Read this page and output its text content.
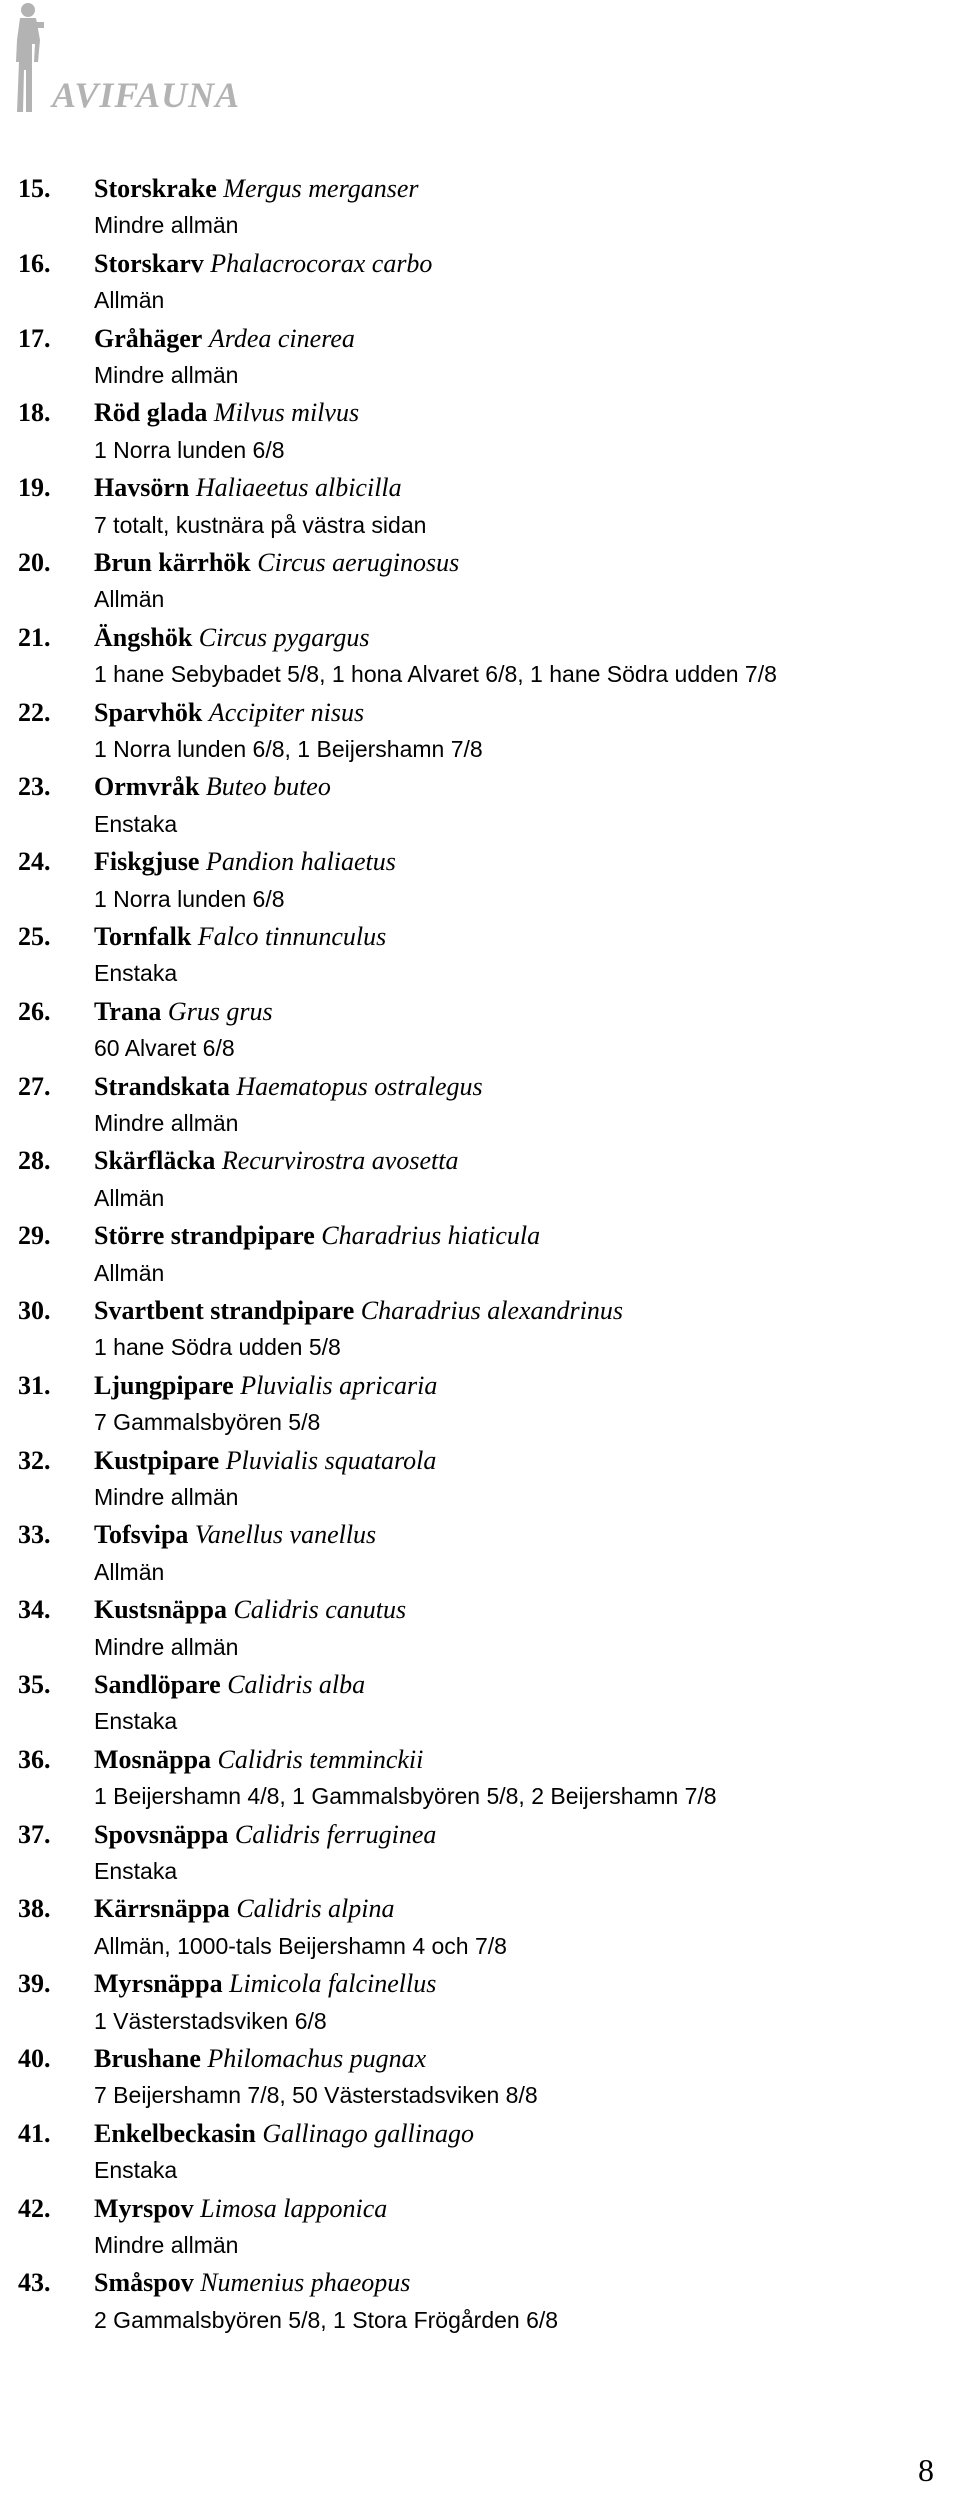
AVIFAUNA
15. Storskrake Mergus merganser
Mindre allmän
16. Storskarv Phalacrocorax carbo
Allmän
17. Gråhäger Ardea cinerea
Mindre allmän
18. Röd glada Milvus milvus
1 Norra lunden 6/8
19. Havsörn Haliaeetus albicilla
7 totalt, kustnära på västra sidan
20. Brun kärrhök Circus aeruginosus
Allmän
21. Ängshök Circus pygargus
1 hane Sebybadet 5/8, 1 hona Alvaret 6/8, 1 hane Södra udden 7/8
22. Sparvhök Accipiter nisus
1 Norra lunden 6/8, 1 Beijershamn 7/8
23. Ormvråk Buteo buteo
Enstaka
24. Fiskgjuse Pandion haliaetus
1 Norra lunden 6/8
25. Tornfalk Falco tinnunculus
Enstaka
26. Trana Grus grus
60 Alvaret 6/8
27. Strandskata Haematopus ostralegus
Mindre allmän
28. Skärfläcka Recurvirostra avosetta
Allmän
29. Större strandpipare Charadrius hiaticula
Allmän
30. Svartbent strandpipare Charadrius alexandrinus
1 hane Södra udden 5/8
31. Ljungpipare Pluvialis apricaria
7 Gammalsbyören 5/8
32. Kustpipare Pluvialis squatarola
Mindre allmän
33. Tofsvipa Vanellus vanellus
Allmän
34. Kustsnäppa Calidris canutus
Mindre allmän
35. Sandlöpare Calidris alba
Enstaka
36. Mosnäppa Calidris temminckii
1 Beijershamn 4/8, 1 Gammalsbyören 5/8, 2 Beijershamn 7/8
37. Spovsnäppa Calidris ferruginea
Enstaka
38. Kärrsnäppa Calidris alpina
Allmän, 1000-tals Beijershamn 4 och 7/8
39. Myrsnäppa Limicola falcinellus
1 Västerstadsviken 6/8
40. Brushane Philomachus pugnax
7 Beijershamn 7/8, 50 Västerstadsviken 8/8
41. Enkelbeckasin Gallinago gallinago
Enstaka
42. Myrspov Limosa lapponica
Mindre allmän
43. Småspov Numenius phaeopus
2 Gammalsbyören 5/8, 1 Stora Frögården 6/8
8
